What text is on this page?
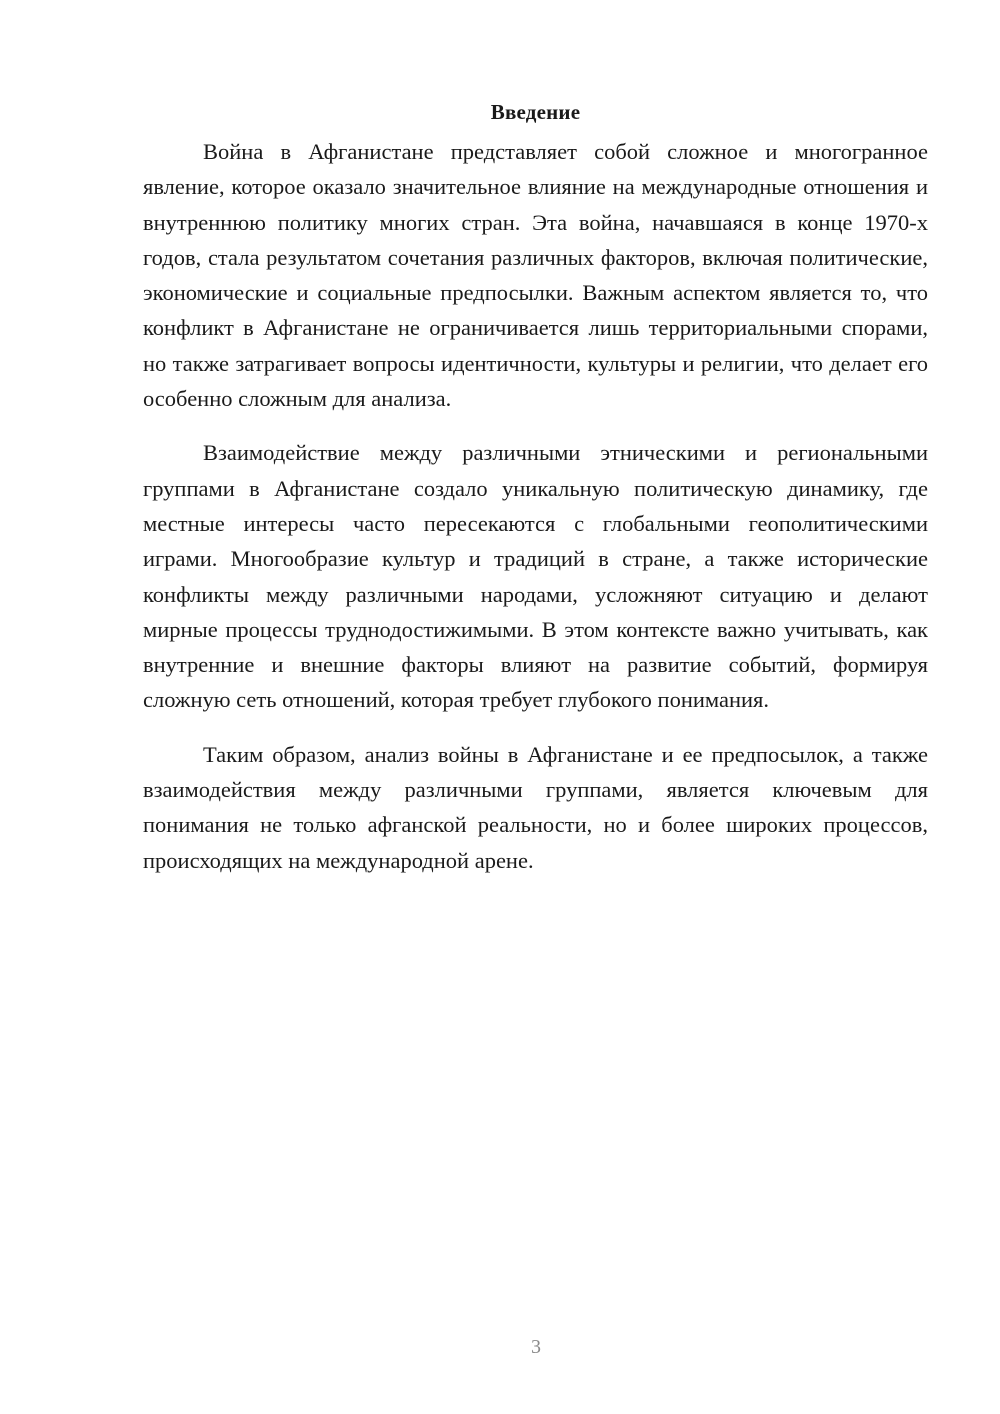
Введение

Война в Афганистане представляет собой сложное и многогранное явление, которое оказало значительное влияние на международные отношения и внутреннюю политику многих стран. Эта война, начавшаяся в конце 1970-х годов, стала результатом сочетания различных факторов, включая политические, экономические и социальные предпосылки. Важным аспектом является то, что конфликт в Афганистане не ограничивается лишь территориальными спорами, но также затрагивает вопросы идентичности, культуры и религии, что делает его особенно сложным для анализа.

Взаимодействие между различными этническими и региональными группами в Афганистане создало уникальную политическую динамику, где местные интересы часто пересекаются с глобальными геополитическими играми. Многообразие культур и традиций в стране, а также исторические конфликты между различными народами, усложняют ситуацию и делают мирные процессы труднодостижимыми. В этом контексте важно учитывать, как внутренние и внешние факторы влияют на развитие событий, формируя сложную сеть отношений, которая требует глубокого понимания.

Таким образом, анализ войны в Афганистане и ее предпосылок, а также взаимодействия между различными группами, является ключевым для понимания не только афганской реальности, но и более широких процессов, происходящих на международной арене.

3
